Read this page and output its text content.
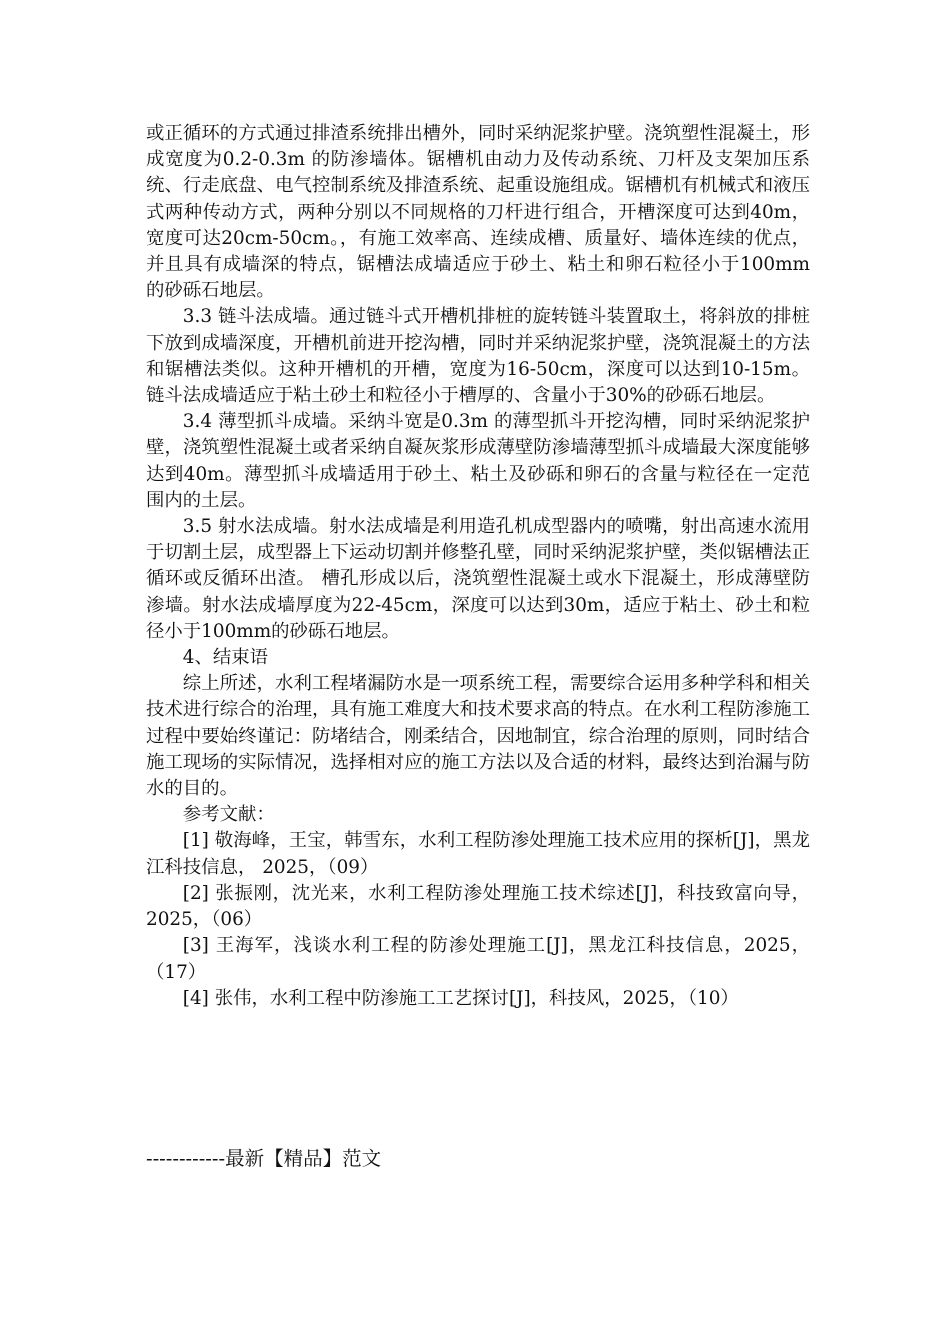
或正循环的方式通过排渣系统排出槽外，同时采纳泥浆护壁。浇筑塑性混凝土，形成宽度为0.2-0.3m 的防渗墙体。锯槽机由动力及传动系统、刀杆及支架加压系统、行走底盘、电气控制系统及排渣系统、起重设施组成。锯槽机有机械式和液压式两种传动方式，两种分别以不同规格的刀杆进行组合，开槽深度可达到40m，宽度可达20cm-50cm。，有施工效率高、连续成槽、质量好、墙体连续的优点，并且具有成墙深的特点，锯槽法成墙适应于砂土、粘土和卵石粒径小于100mm 的砂砾石地层。

3.3 链斗法成墙。通过链斗式开槽机排桩的旋转链斗装置取土，将斜放的排桩下放到成墙深度，开槽机前进开挖沟槽，同时并采纳泥浆护壁，浇筑混凝土的方法和锯槽法类似。这种开槽机的开槽，宽度为16-50cm，深度可以达到10-15m。链斗法成墙适应于粘土砂土和粒径小于槽厚的、含量小于30%的砂砾石地层。

3.4 薄型抓斗成墙。采纳斗宽是0.3m 的薄型抓斗开挖沟槽，同时采纳泥浆护壁，浇筑塑性混凝土或者采纳自凝灰浆形成薄壁防渗墙薄型抓斗成墙最大深度能够达到40m。薄型抓斗成墙适用于砂土、粘土及砂砾和卵石的含量与粒径在一定范围内的土层。

3.5 射水法成墙。射水法成墙是利用造孔机成型器内的喷嘴，射出高速水流用于切割土层，成型器上下运动切割并修整孔壁，同时采纳泥浆护壁，类似锯槽法正循环或反循环出渣。 槽孔形成以后，浇筑塑性混凝土或水下混凝土，形成薄壁防渗墙。射水法成墙厚度为22-45cm，深度可以达到30m，适应于粘土、砂土和粒径小于100mm的砂砾石地层。

4、结束语

综上所述，水利工程堵漏防水是一项系统工程，需要综合运用多种学科和相关技术进行综合的治理，具有施工难度大和技术要求高的特点。在水利工程防渗施工过程中要始终谨记：防堵结合，刚柔结合，因地制宜，综合治理的原则，同时结合施工现场的实际情况，选择相对应的施工方法以及合适的材料，最终达到治漏与防水的目的。

参考文献：

[1] 敬海峰，王宝，韩雪东，水利工程防渗处理施工技术应用的探析[J]，黑龙江科技信息， 2025，（09）

[2] 张振刚，沈光来，水利工程防渗处理施工技术综述[J]，科技致富向导，2025，（06）

[3] 王海军，浅谈水利工程的防渗处理施工[J]，黑龙江科技信息，2025，（17）

[4] 张伟，水利工程中防渗施工工艺探讨[J]，科技风，2025，（10）

------------最新【精品】范文
